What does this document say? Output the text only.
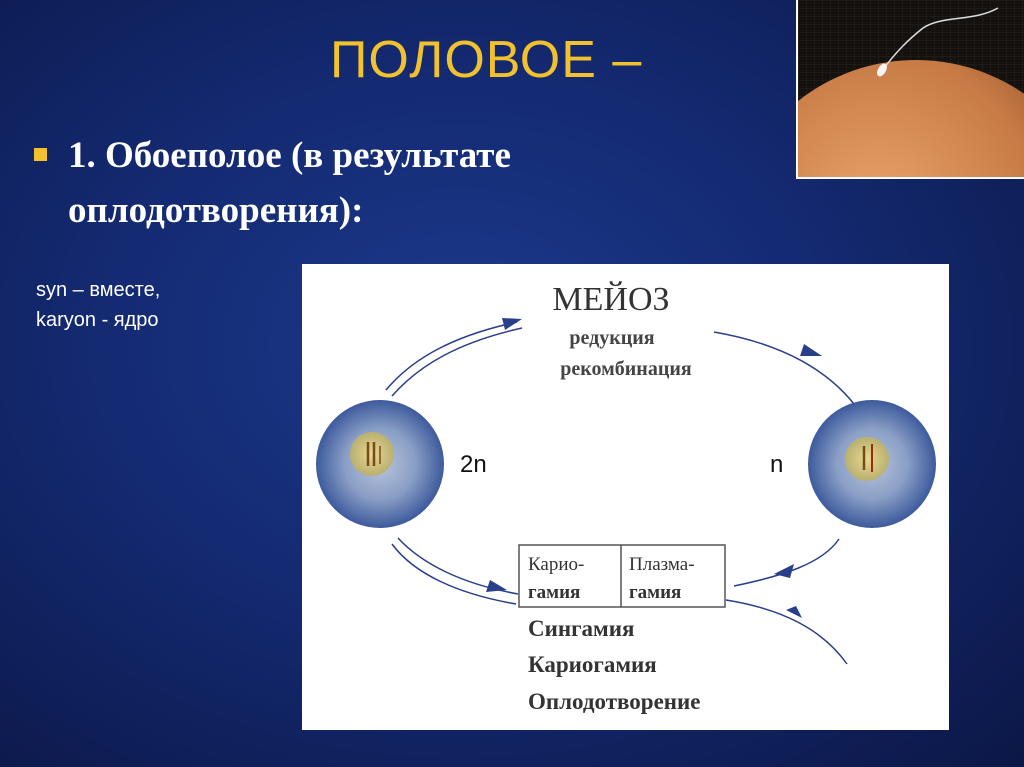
ПОЛОВОЕ –
1. Обоеполое (в результате оплодотворения):
syn – вместе,
karyon - ядро
МЕЙОЗ
редукция
рекомбинация
2n	n
Карио-
гамия
Плазма-
гамия
Сингамия
Кариогамия
Оплодотворение
